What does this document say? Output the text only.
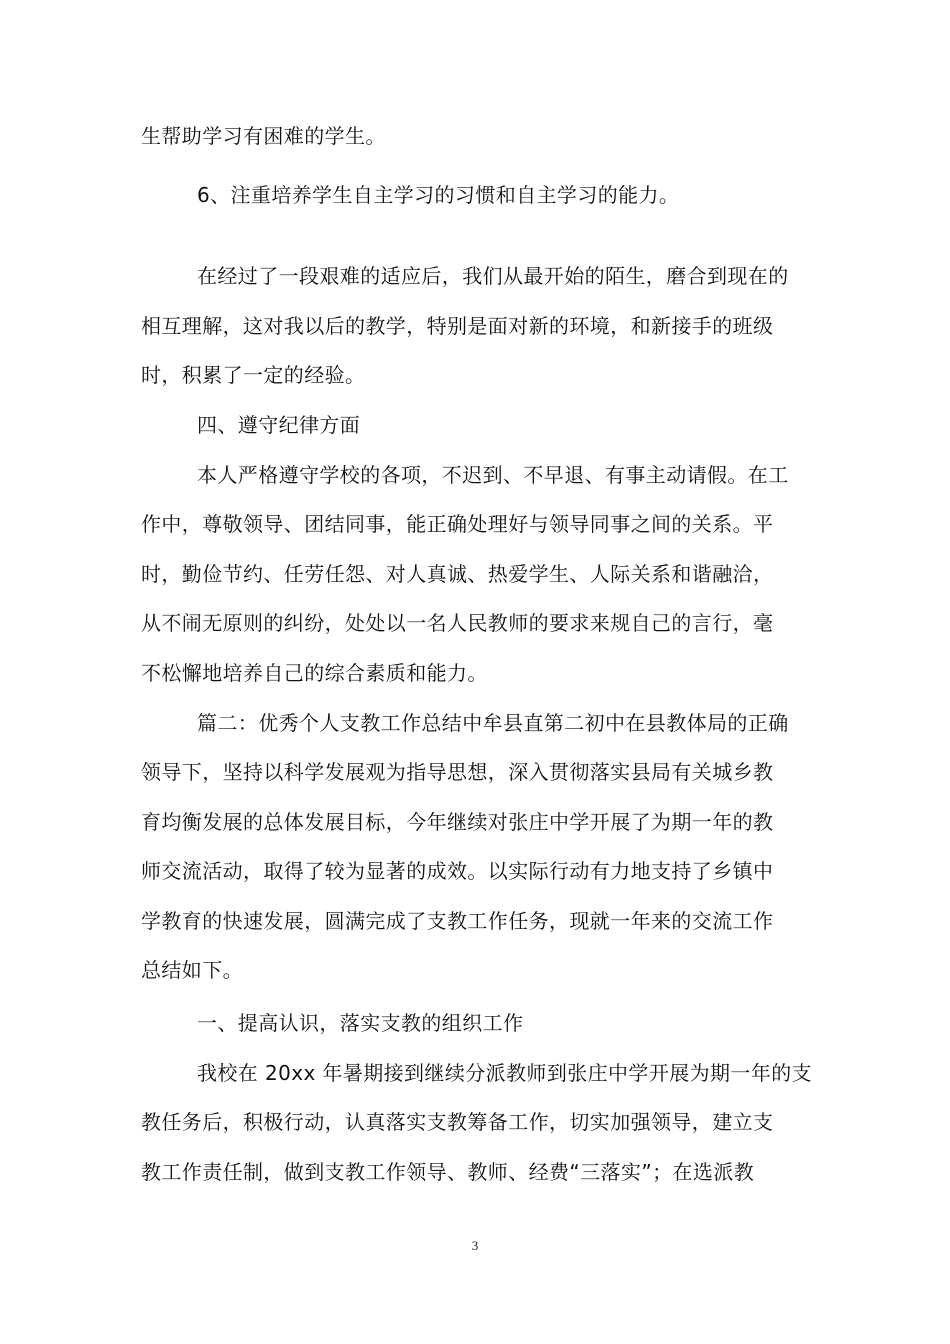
生帮助学习有困难的学生。
6、注重培养学生自主学习的习惯和自主学习的能力。
在经过了一段艰难的适应后，我们从最开始的陌生，磨合到现在的
相互理解，这对我以后的教学，特别是面对新的环境，和新接手的班级
时，积累了一定的经验。
四、遵守纪律方面
本人严格遵守学校的各项，不迟到、不早退、有事主动请假。在工
作中，尊敬领导、团结同事，能正确处理好与领导同事之间的关系。平
时，勤俭节约、任劳任怨、对人真诚、热爱学生、人际关系和谐融洽，
从不闹无原则的纠纷，处处以一名人民教师的要求来规自己的言行，毫
不松懈地培养自己的综合素质和能力。
篇二：优秀个人支教工作总结中牟县直第二初中在县教体局的正确
领导下，坚持以科学发展观为指导思想，深入贯彻落实县局有关城乡教
育均衡发展的总体发展目标，今年继续对张庄中学开展了为期一年的教
师交流活动，取得了较为显著的成效。以实际行动有力地支持了乡镇中
学教育的快速发展，圆满完成了支教工作任务，现就一年来的交流工作
总结如下。
一、提高认识，落实支教的组织工作
我校在 20xx 年暑期接到继续分派教师到张庄中学开展为期一年的支
教任务后，积极行动，认真落实支教筹备工作，切实加强领导，建立支
教工作责任制，做到支教工作领导、教师、经费“三落实”；在选派教
3
